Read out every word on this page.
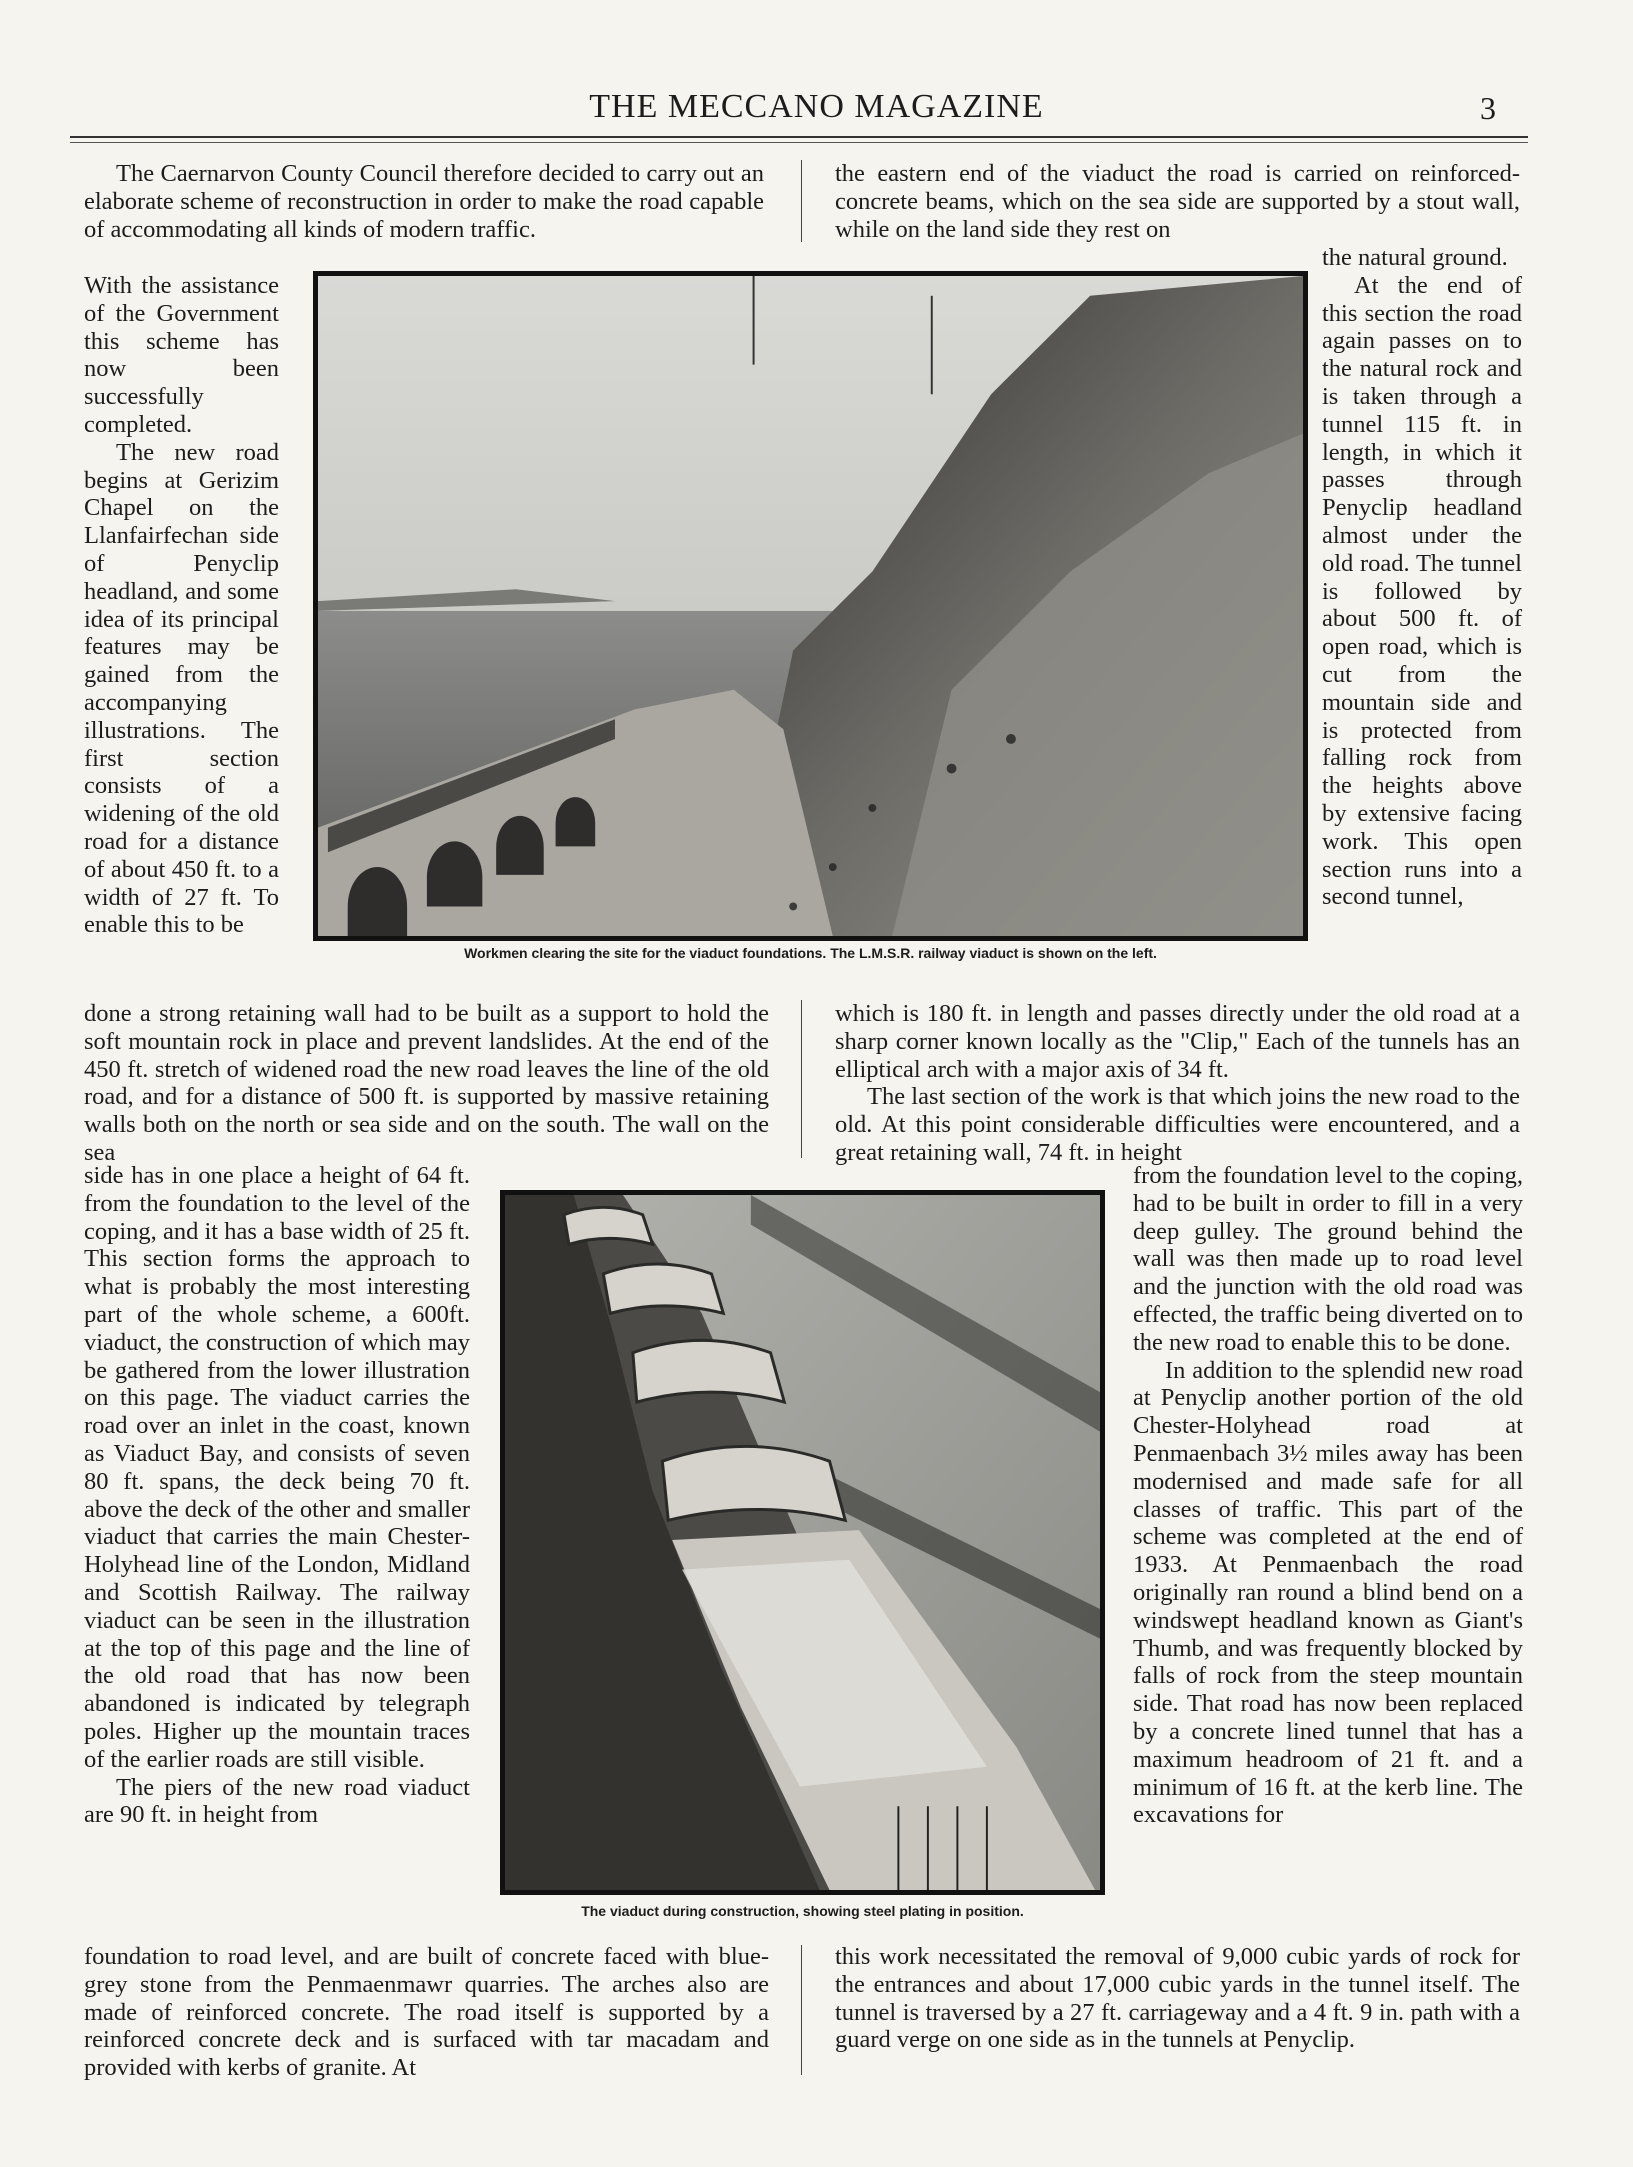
THE MECCANO MAGAZINE	3

The Caernarvon County Council therefore decided to carry out an elaborate scheme of reconstruction in order to make the road capable of accommodating all kinds of modern traffic.

With the assistance of the Government this scheme has now been successfully completed.

The new road begins at Gerizim Chapel on the Llanfairfechan side of Penyclip headland, and some idea of its principal features may be gained from the accompanying illustrations. The first section consists of a widening of the old road for a distance of about 450 ft. to a width of 27 ft. To enable this to be

the eastern end of the viaduct the road is carried on reinforced-concrete beams, which on the sea side are supported by a stout wall, while on the land side they rest on

the natural ground.

At the end of this section the road again passes on to the natural rock and is taken through a tunnel 115 ft. in length, in which it passes through Penyclip headland almost under the old road. The tunnel is followed by about 500 ft. of open road, which is cut from the mountain side and is protected from falling rock from the heights above by extensive facing work. This open section runs into a second tunnel,

Workmen clearing the site for the viaduct foundations. The L.M.S.R. railway viaduct is shown on the left.

done a strong retaining wall had to be built as a support to hold the soft mountain rock in place and prevent landslides. At the end of the 450 ft. stretch of widened road the new road leaves the line of the old road, and for a distance of 500 ft. is supported by massive retaining walls both on the north or sea side and on the south. The wall on the sea

which is 180 ft. in length and passes directly under the old road at a sharp corner known locally as the "Clip," Each of the tunnels has an elliptical arch with a major axis of 34 ft.

The last section of the work is that which joins the new road to the old. At this point considerable difficulties were encountered, and a great retaining wall, 74 ft. in height

side has in one place a height of 64 ft. from the foundation to the level of the coping, and it has a base width of 25 ft. This section forms the approach to what is probably the most interesting part of the whole scheme, a 600ft. viaduct, the construction of which may be gathered from the lower illustration on this page. The viaduct carries the road over an inlet in the coast, known as Viaduct Bay, and consists of seven 80 ft. spans, the deck being 70 ft. above the deck of the other and smaller viaduct that carries the main Chester-Holyhead line of the London, Midland and Scottish Railway. The railway viaduct can be seen in the illustration at the top of this page and the line of the old road that has now been abandoned is indicated by telegraph poles. Higher up the mountain traces of the earlier roads are still visible.

The piers of the new road viaduct are 90 ft. in height from

from the foundation level to the coping, had to be built in order to fill in a very deep gulley. The ground behind the wall was then made up to road level and the junction with the old road was effected, the traffic being diverted on to the new road to enable this to be done.

In addition to the splendid new road at Penyclip another portion of the old Chester-Holyhead road at Penmaenbach 3½ miles away has been modernised and made safe for all classes of traffic. This part of the scheme was completed at the end of 1933. At Penmaenbach the road originally ran round a blind bend on a windswept headland known as Giant's Thumb, and was frequently blocked by falls of rock from the steep mountain side. That road has now been replaced by a concrete lined tunnel that has a maximum headroom of 21 ft. and a minimum of 16 ft. at the kerb line. The excavations for

The viaduct during construction, showing steel plating in position.

foundation to road level, and are built of concrete faced with blue-grey stone from the Penmaenmawr quarries. The arches also are made of reinforced concrete. The road itself is supported by a reinforced concrete deck and is surfaced with tar macadam and provided with kerbs of granite. At

this work necessitated the removal of 9,000 cubic yards of rock for the entrances and about 17,000 cubic yards in the tunnel itself. The tunnel is traversed by a 27 ft. carriageway and a 4 ft. 9 in. path with a guard verge on one side as in the tunnels at Penyclip.
